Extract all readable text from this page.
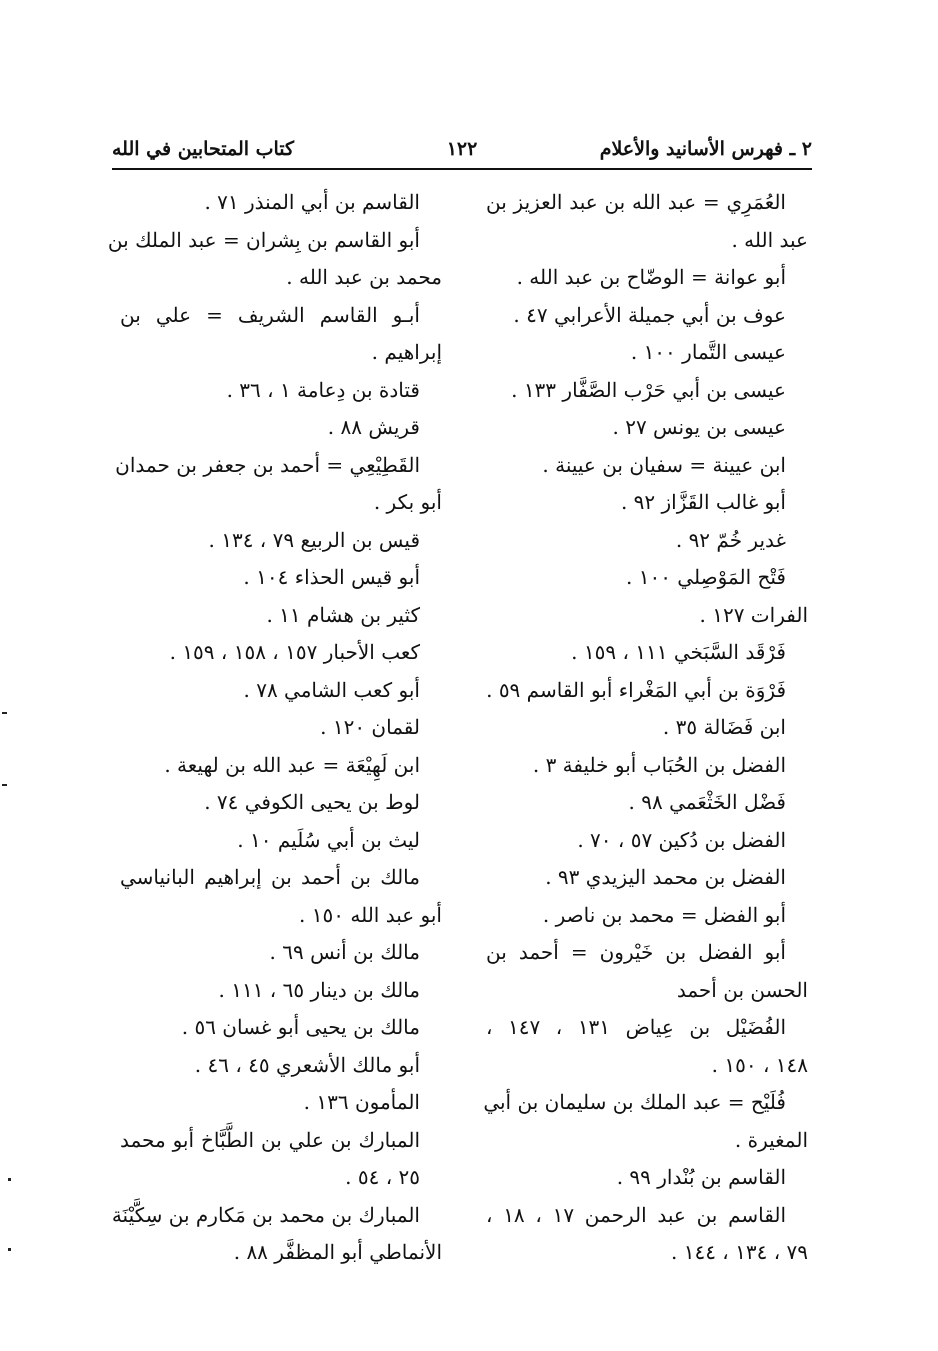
٢ ـ فهرس الأسانيد والأعلام
١٢٢
كتاب المتحابين في الله
العُمَرِي = عبد الله بن عبد العزيز بن
عبد الله .
أبو عوانة = الوضّاح بن عبد الله .
عوف بن أبي جميلة الأعرابي ٤٧ .
عيسى التَّمار ١٠٠ .
عيسى بن أبي حَرْب الصَّفَّار ١٣٣ .
عيسى بن يونس ٢٧ .
ابن عيينة = سفيان بن عيينة .
أبو غالب القَزَّاز ٩٢ .
غدير خُمّ ٩٢ .
فَتْح المَوْصِلي ١٠٠ .
الفرات ١٢٧ .
فَرْقَد السَّبَخي ١١١ ، ١٥٩ .
فَرْوَة بن أبي المَغْراء أبو القاسم ٥٩ .
ابن فَضَالة ٣٥ .
الفضل بن الحُبَاب أبو خليفة ٣ .
فَضْل الخَثْعَمي ٩٨ .
الفضل بن دُكين ٥٧ ، ٧٠ .
الفضل بن محمد اليزيدي ٩٣ .
أبو الفضل = محمد بن ناصر .
أبو الفضل بن خَيْرون = أحمد بن
الحسن بن أحمد
الفُضَيْل بن عِياض ١٣١ ، ١٤٧ ،
١٤٨ ، ١٥٠ .
فُلَيْح = عبد الملك بن سليمان بن أبي
المغيرة .
القاسم بن بُنْدار ٩٩ .
القاسم بن عبد الرحمن ١٧ ، ١٨ ،
٧٩ ، ١٣٤ ، ١٤٤ .
القاسم بن أبي المنذر ٧١ .
أبو القاسم بن بِشران = عبد الملك بن
محمد بن عبد الله .
أبـو القاسم الشريف = علي بن
إبراهيم .
قتادة بن دِعامة ١ ، ٣٦ .
قريش ٨٨ .
القَطِيْعِي = أحمد بن جعفر بن حمدان
أبو بكر .
قيس بن الربيع ٧٩ ، ١٣٤ .
أبو قيس الحذاء ١٠٤ .
كثير بن هشام ١١ .
كعب الأحبار ١٥٧ ، ١٥٨ ، ١٥٩ .
أبو كعب الشامي ٧٨ .
لقمان ١٢٠ .
ابن لَهِيْعَة = عبد الله بن لهيعة .
لوط بن يحيى الكوفي ٧٤ .
ليث بن أبي سُلَيم ١٠ .
مالك بن أحمد بن إبراهيم البانياسي
أبو عبد الله ١٥٠ .
مالك بن أنس ٦٩ .
مالك بن دينار ٦٥ ، ١١١ .
مالك بن يحيى أبو غسان ٥٦ .
أبو مالك الأشعري ٤٥ ، ٤٦ .
المأمون ١٣٦ .
المبارك بن علي بن الطَّبَّاخ أبو محمد
٢٥ ، ٥٤ .
المبارك بن محمد بن مَكارم بن سِكَّيْنَة
الأنماطي أبو المظفَّر ٨٨ .
